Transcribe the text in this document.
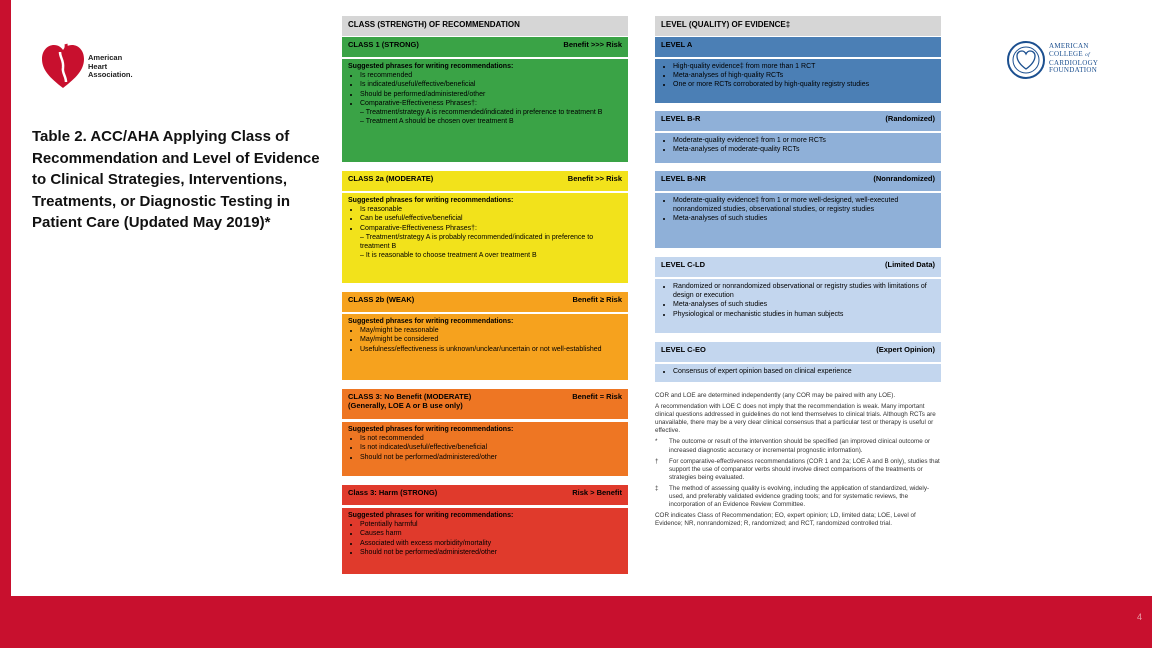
American
Heart
Association.
AMERICAN
COLLEGE of
CARDIOLOGY
FOUNDATION
Table 2. ACC/AHA Applying Class of Recommendation and Level of Evidence to Clinical Strategies, Interventions, Treatments, or Diagnostic Testing in Patient Care (Updated May 2019)*
CLASS (STRENGTH) OF RECOMMENDATION
CLASS 1 (STRONG)	Benefit >>> Risk
Suggested phrases for writing recommendations:
• Is recommended
• Is indicated/useful/effective/beneficial
• Should be performed/administered/other
• Comparative-Effectiveness Phrases†:
– Treatment/strategy A is recommended/indicated in preference to treatment B
– Treatment A should be chosen over treatment B
CLASS 2a (MODERATE)	Benefit >> Risk
Suggested phrases for writing recommendations:
• Is reasonable
• Can be useful/effective/beneficial
• Comparative-Effectiveness Phrases†:
– Treatment/strategy A is probably recommended/indicated in preference to treatment B
– It is reasonable to choose treatment A over treatment B
CLASS 2b (WEAK)	Benefit ≥ Risk
Suggested phrases for writing recommendations:
• May/might be reasonable
• May/might be considered
• Usefulness/effectiveness is unknown/unclear/uncertain or not well-established
CLASS 3: No Benefit (MODERATE)
(Generally, LOE A or B use only)
Benefit = Risk
Suggested phrases for writing recommendations:
• Is not recommended
• Is not indicated/useful/effective/beneficial
• Should not be performed/administered/other
Class 3: Harm (STRONG)	Risk > Benefit
Suggested phrases for writing recommendations:
• Potentially harmful
• Causes harm
• Associated with excess morbidity/mortality
• Should not be performed/administered/other
LEVEL (QUALITY) OF EVIDENCE‡
LEVEL A
• High-quality evidence‡ from more than 1 RCT
• Meta-analyses of high-quality RCTs
• One or more RCTs corroborated by high-quality registry studies
LEVEL B-R	(Randomized)
• Moderate-quality evidence‡ from 1 or more RCTs
• Meta-analyses of moderate-quality RCTs
LEVEL B-NR	(Nonrandomized)
• Moderate-quality evidence‡ from 1 or more well-designed, well-executed nonrandomized studies, observational studies, or registry studies
• Meta-analyses of such studies
LEVEL C-LD	(Limited Data)
• Randomized or nonrandomized observational or registry studies with limitations of design or execution
• Meta-analyses of such studies
• Physiological or mechanistic studies in human subjects
LEVEL C-EO	(Expert Opinion)
• Consensus of expert opinion based on clinical experience

COR and LOE are determined independently (any COR may be paired with any LOE).

A recommendation with LOE C does not imply that the recommendation is weak. Many important clinical questions addressed in guidelines do not lend themselves to clinical trials. Although RCTs are unavailable, there may be a very clear clinical consensus that a particular test or therapy is useful or effective.

*	The outcome or result of the intervention should be specified (an improved clinical outcome or increased diagnostic accuracy or incremental prognostic information).
†	For comparative-effectiveness recommendations (COR 1 and 2a; LOE A and B only), studies that support the use of comparator verbs should involve direct comparisons of the treatments or strategies being evaluated.
‡	The method of assessing quality is evolving, including the application of standardized, widely-used, and preferably validated evidence grading tools; and for systematic reviews, the incorporation of an Evidence Review Committee.

COR indicates Class of Recommendation; EO, expert opinion; LD, limited data; LOE, Level of Evidence; NR, nonrandomized; R, randomized; and RCT, randomized controlled trial.

4
